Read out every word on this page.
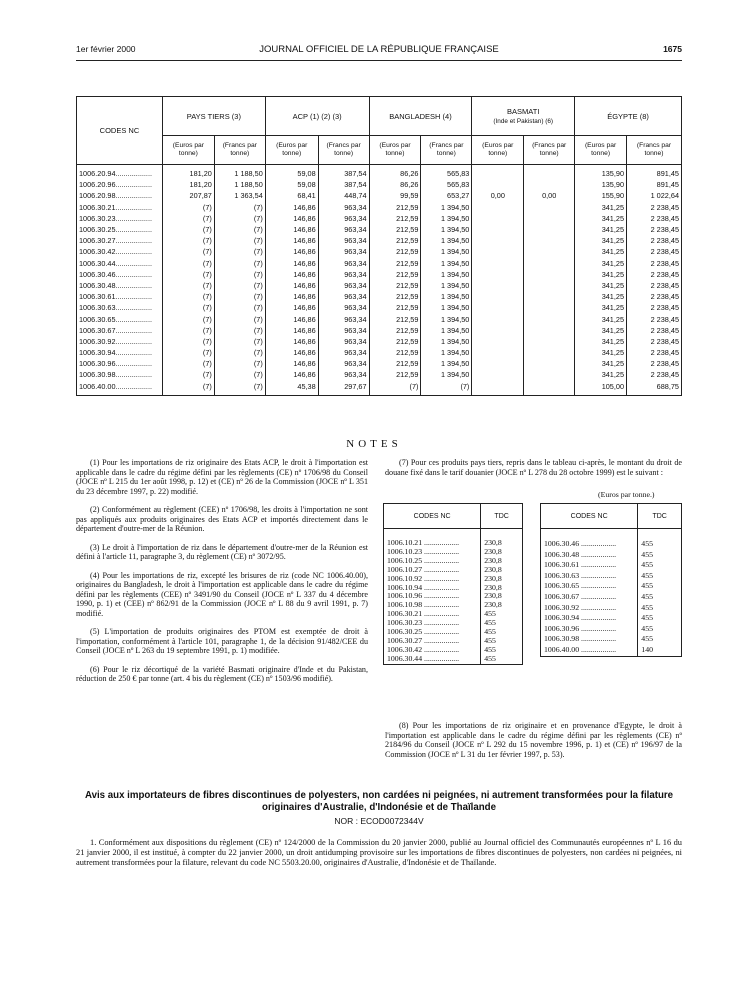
1er février 2000	JOURNAL OFFICIEL DE LA RÉPUBLIQUE FRANÇAISE	1675
CODES NC	PAYS TIERS (3)		ACP (1) (2) (3)		BANGLADESH (4)		BASMATI
(Inde et Pakistan) (6)		ÉGYPTE (8)	
	(Euros par tonne)	(Francs par tonne)	(Euros par tonne)	(Francs par tonne)	(Euros par tonne)	(Francs par tonne)	(Euros par tonne)	(Francs par tonne)	(Euros par tonne)	(Francs par tonne)
1006.20.94..................	181,20	1 188,50	59,08	387,54	86,26	565,83			135,90	891,45
1006.20.96..................	181,20	1 188,50	59,08	387,54	86,26	565,83			135,90	891,45
1006.20.98..................	207,87	1 363,54	68,41	448,74	99,59	653,27	0,00	0,00	155,90	1 022,64
1006.30.21..................	(7)	(7)	146,86	963,34	212,59	1 394,50			341,25	2 238,45
1006.30.23..................	(7)	(7)	146,86	963,34	212,59	1 394,50			341,25	2 238,45
1006.30.25..................	(7)	(7)	146,86	963,34	212,59	1 394,50			341,25	2 238,45
1006.30.27..................	(7)	(7)	146,86	963,34	212,59	1 394,50			341,25	2 238,45
1006.30.42..................	(7)	(7)	146,86	963,34	212,59	1 394,50			341,25	2 238,45
1006.30.44..................	(7)	(7)	146,86	963,34	212,59	1 394,50			341,25	2 238,45
1006.30.46..................	(7)	(7)	146,86	963,34	212,59	1 394,50			341,25	2 238,45
1006.30.48..................	(7)	(7)	146,86	963,34	212,59	1 394,50			341,25	2 238,45
1006.30.61..................	(7)	(7)	146,86	963,34	212,59	1 394,50			341,25	2 238,45
1006.30.63..................	(7)	(7)	146,86	963,34	212,59	1 394,50			341,25	2 238,45
1006.30.65..................	(7)	(7)	146,86	963,34	212,59	1 394,50			341,25	2 238,45
1006.30.67..................	(7)	(7)	146,86	963,34	212,59	1 394,50			341,25	2 238,45
1006.30.92..................	(7)	(7)	146,86	963,34	212,59	1 394,50			341,25	2 238,45
1006.30.94..................	(7)	(7)	146,86	963,34	212,59	1 394,50			341,25	2 238,45
1006.30.96..................	(7)	(7)	146,86	963,34	212,59	1 394,50			341,25	2 238,45
1006.30.98..................	(7)	(7)	146,86	963,34	212,59	1 394,50			341,25	2 238,45
1006.40.00..................	(7)	(7)	45,38	297,67	(7)	(7)			105,00	688,75
NOTES

(1) Pour les importations de riz originaire des Etats ACP, le droit à l'importation est applicable dans le cadre du régime défini par les règlements (CE) nº 1706/98 du Conseil (JOCE nº L 215 du 1er août 1998, p. 12) et (CE) nº 26 de la Commission (JOCE nº L 351 du 23 décembre 1997, p. 22) modifié.

(2) Conformément au règlement (CEE) nº 1706/98, les droits à l'importation ne sont pas appliqués aux produits originaires des Etats ACP et importés directement dans le département d'outre-mer de la Réunion.

(3) Le droit à l'importation de riz dans le département d'outre-mer de la Réunion est défini à l'article 11, paragraphe 3, du règlement (CE) nº 3072/95.

(4) Pour les importations de riz, excepté les brisures de riz (code NC 1006.40.00), originaires du Bangladesh, le droit à l'importation est applicable dans le cadre du régime défini par les règlements (CEE) nº 3491/90 du Conseil (JOCE nº L 337 du 4 décembre 1990, p. 1) et (CEE) nº 862/91 de la Commission (JOCE nº L 88 du 9 avril 1991, p. 7) modifié.

(5) L'importation de produits originaires des PTOM est exemptée de droit à l'importation, conformément à l'article 101, paragraphe 1, de la décision 91/482/CEE du Conseil (JOCE nº L 263 du 19 septembre 1991, p. 1) modifiée.

(6) Pour le riz décortiqué de la variété Basmati originaire d'Inde et du Pakistan, réduction de 250 € par tonne (art. 4 bis du règlement (CE) nº 1503/96 modifié).

(7) Pour ces produits pays tiers, repris dans le tableau ci-après, le montant du droit de douane fixé dans le tarif douanier (JOCE nº L 278 du 28 octobre 1999) est le suivant :

(Euros par tonne.)
CODES NC	TDC
1006.10.21 ..................	230,8
1006.10.23 ..................	230,8
1006.10.25 ..................	230,8
1006.10.27 ..................	230,8
1006.10.92 ..................	230,8
1006.10.94 ..................	230,8
1006.10.96 ..................	230,8
1006.10.98 ..................	230,8
1006.30.21 ..................	455
1006.30.23 ..................	455
1006.30.25 ..................	455
1006.30.27 ..................	455
1006.30.42 ..................	455
1006.30.44 ..................	455
CODES NC	TDC
1006.30.46 ..................	455
1006.30.48 ..................	455
1006.30.61 ..................	455
1006.30.63 ..................	455
1006.30.65 ..................	455
1006.30.67 ..................	455
1006.30.92 ..................	455
1006.30.94 ..................	455
1006.30.96 ..................	455
1006.30.98 ..................	455
1006.40.00 ..................	140

(8) Pour les importations de riz originaire et en provenance d'Egypte, le droit à l'importation est applicable dans le cadre du régime défini par les règlements (CE) nº 2184/96 du Conseil (JOCE nº L 292 du 15 novembre 1996, p. 1) et (CE) nº 196/97 de la Commission (JOCE nº L 31 du 1er février 1997, p. 53).

Avis aux importateurs de fibres discontinues de polyesters, non cardées ni peignées, ni autrement transformées pour la filature originaires d'Australie, d'Indonésie et de Thaïlande
NOR : ECOD0072344V
1. Conformément aux dispositions du règlement (CE) nº 124/2000 de la Commission du 20 janvier 2000, publié au Journal officiel des Communautés européennes nº L 16 du 21 janvier 2000, il est institué, à compter du 22 janvier 2000, un droit antidumping provisoire sur les importations de fibres discontinues de polyesters, non cardées ni peignées, ni autrement transformées pour la filature, relevant du code NC 5503.20.00, originaires d'Australie, d'Indonésie et de Thaïlande.
